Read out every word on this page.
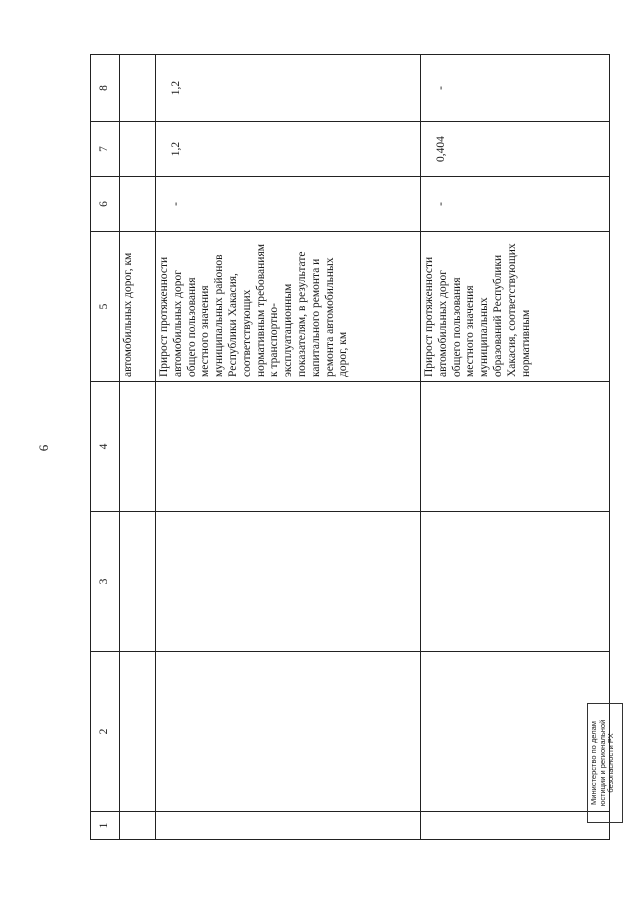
6
1	2	3	4	5	6	7	8
				автомобильных дорог, км			
				Прирост протяженности автомобильных дорог общего пользования местного значения муниципальных районов Республики Хакасия, соответствующих нормативным требованиям к транспортно-эксплуатационным показателям, в результате капитального ремонта и ремонта автомобильных дорог, км	-	1,2	1,2
				Прирост протяженности автомобильных дорог общего пользования местного значения муниципальных образований Республики Хакасия, соответствующих нормативным	-	0,404	-
Министерство по делам юстиции и региональной безопасности РХ
